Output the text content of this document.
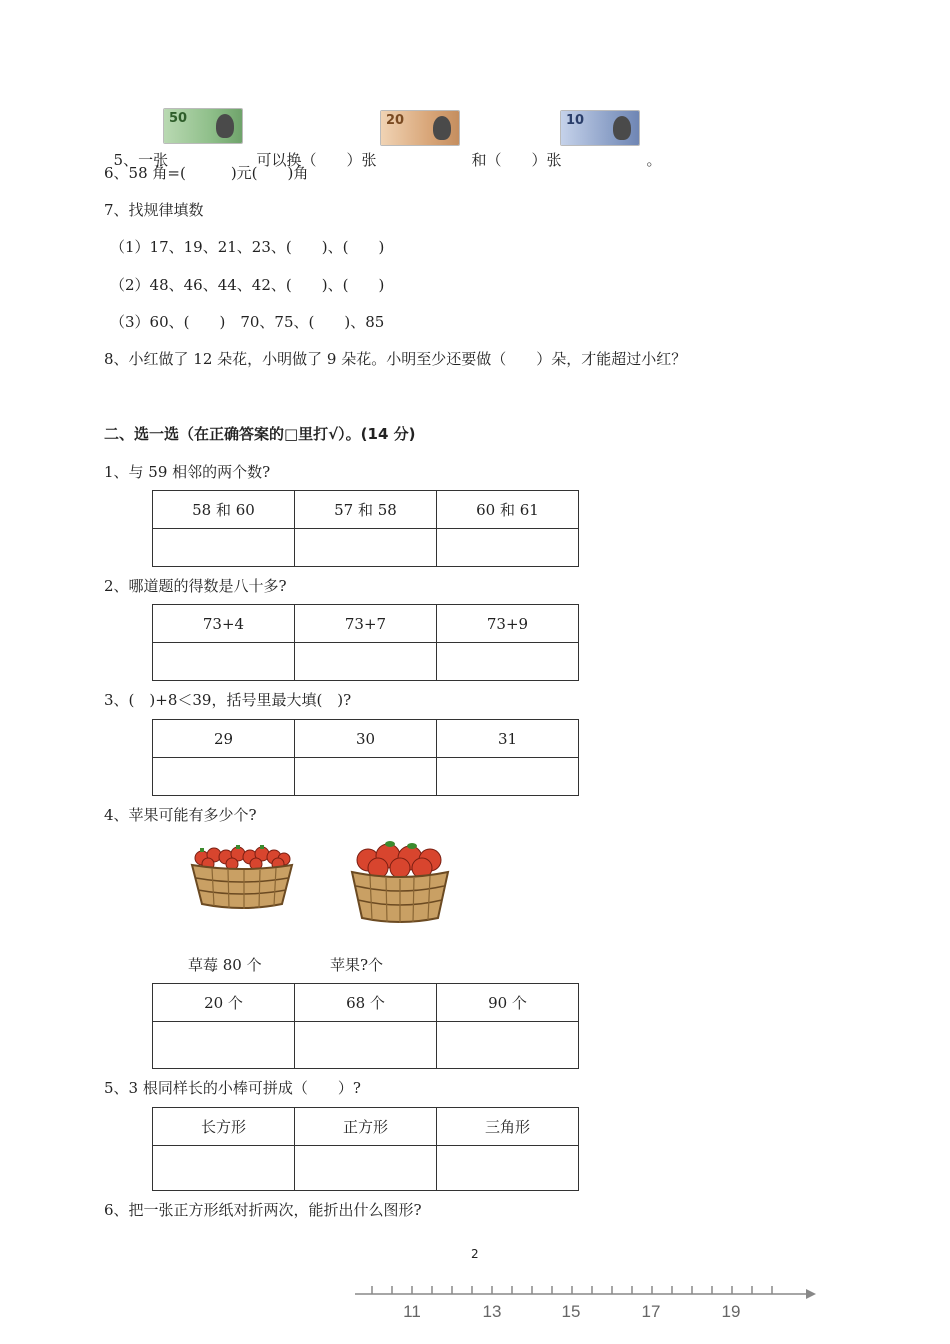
5、一张

50

可以换（　　）张

20

和（　　）张

10

。

6、58 角=(　　　)元(　　)角
7、找规律填数
（1）17、19、21、23、(　　)、(　　)
（2）48、46、44、42、(　　)、(　　)
（3）60、(　　)　70、75、(　　)、85
8、小红做了 12 朵花，小明做了 9 朵花。小明至少还要做（　　）朵，才能超过小红？
二、选一选（在正确答案的□里打√）。(14 分)
1、与 59 相邻的两个数?
58 和 60	57 和 58	60 和 61

2、哪道题的得数是八十多?
73+4	73+7	73+9

3、(　)+8＜39，括号里最大填(　)?
29	30	31

4、苹果可能有多少个?
草莓 80 个	苹果?个
20 个	68 个	90 个

5、3 根同样长的小棒可拼成（　　）?
长方形	正方形	三角形

6、把一张正方形纸对折两次，能折出什么图形?
2
11	13	15	17	19
